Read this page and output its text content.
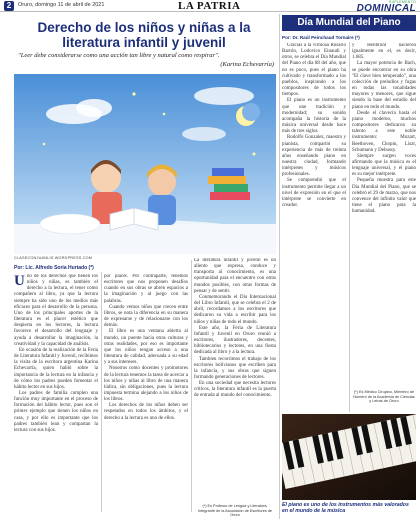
2	Oruro, domingo 11 de abril de 2021	LA PATRIA	SUPLEMENTO
DOMINICAL
Derecho de los niños y niñas a la literatura infantil y juvenil
"Leer debe considerarse como una acción tan libre y natural como respirar".
(Karina Echevarría)
CLASECONJUANLIS.WORDPRESS.COM
Por: Lic. Alfredo Soria Hurtado (*)
U no de los derechos que tienen los niños y niñas, es también el derecho a la lectura, el tener como compañero al libro, ya que la lectura siempre ha sido uno de los medios más eficaces para el desarrollo de la persona. Uno de los principales aportes de la literatura es el placer estético que despierta en los lectores, la lectura favorece el desarrollo del lenguaje y ayuda a desarrollar la imaginación, la creatividad y la capacidad de análisis.

En ocasión de la realización de la Feria de Literatura Infantil y Juvenil, recibimos la visita de la escritora argentina Karina Echevarría, quien habló sobre la importancia de la lectura en la infancia y de cómo los padres pueden fomentar el hábito lector en sus hijos.

Los padres de familia cumplen una función muy importante en el proceso de formación del hábito lector, pues son el primer ejemplo que tienen los niños en casa, y por ello es importante que los padres también lean y compartan la lectura con sus hijos.

por placer. Por contraparte, tenemos escritores que nos proponen desafíos cuando en sus obras se abren espacios a la imaginación y al juego con las palabras.

Cuando vemos niños que crecen entre libros, se nota la diferencia en su manera de expresarse y de relacionarse con los demás.

El libro es una ventana abierta al mundo, un puente hacia otras culturas y otras realidades, por eso es importante que los niños tengan acceso a una literatura de calidad, adecuada a su edad y a sus intereses.

Nosotros como docentes y promotores de la lectura tenemos la tarea de acercar a los niños y niñas al libro de una manera lúdica, sin obligaciones, pues la lectura impuesta termina alejando a los niños de los libros.

Los derechos de los niños deben ser respetados en todos los ámbitos, y el derecho a la lectura es uno de ellos.

La literatura infantil y juvenil es un aliento que expresa, conduce y transporta al conocimiento, es una oportunidad para el encuentro con otros mundos posibles, con otras formas de pensar y de sentir.

Conmemorando el Día Internacional del Libro Infantil, que se celebra el 2 de abril, recordamos a los escritores que dedicaron su vida a escribir para los niños y niñas de todo el mundo.

Este año, la Feria de Literatura Infantil y Juvenil en Oruro reunió a escritores, ilustradores, docentes, bibliotecarios y lectores, en una fiesta dedicada al libro y a la lectura.

Tambien recorrimos el trabajo de los escritores bolivianos que escriben para la infancia, y sus obras que siguen formando generaciones de lectores.

En una sociedad que necesita lectores críticos, la literatura infantil es la puerta de entrada al mundo del conocimiento.

(*) Es Profesor de Lengua y Literatura, Integrante de la Asociación de Escritores de Oruro
Día Mundial del Piano
Por: Dr. Raúl Peinchaud Tornaire (*)

Gracias a la virtuosa Rosario Barrón, Ludovico Einaudi y otros, se celebra el Día Mundial del Piano el día 88 del año, que no es poco, pues el piano ha cultivado y transformado a los pueblos, inspirando a los compositores de todos los tiempos.

El piano es un instrumento que une tradición y modernidad; su sonido acompaña la historia de la música universal desde hace más de tres siglos.

Rodolfo Gonzalez, maestro y pianista, compartió su experiencia de más de treinta años enseñando piano en nuestra ciudad, formando intérpretes y músicos profesionales.

Se comprendió que el instrumento permite llegar a un nivel de expresión en el que el intérprete se convierte en creador.

y Heilbrunl nacieron igualmente en el, es decir, 1.685.

La mayor potencia de Bach, se puede encontrar en su obra "El clave bien temperado", una colección de preludios y fugas en todas las tonalidades mayores y menores, que sigue siendo la base del estudio del piano en todo el mundo.

Desde el clavecín hasta el piano moderno, muchos compositores dedicaron su talento a este noble instrumento: Mozart, Beethoven, Chopin, Liszt, Schumann y Debussy.

Siempre surgen voces afirmando que la música es el lenguaje universal, y el piano es su mejor intérprete.

Pequeña muestra para este Día Mundial del Piano, que se celebró el 29 de marzo, que nos convence del infinito valor que tiene el piano para la humanidad.

(*) Es Médico Cirujano, Miembro de Número de la Academia de Ciencias y Letras de Oruro
El piano es uno de los instrumentos más valorados en el mundo de la música
